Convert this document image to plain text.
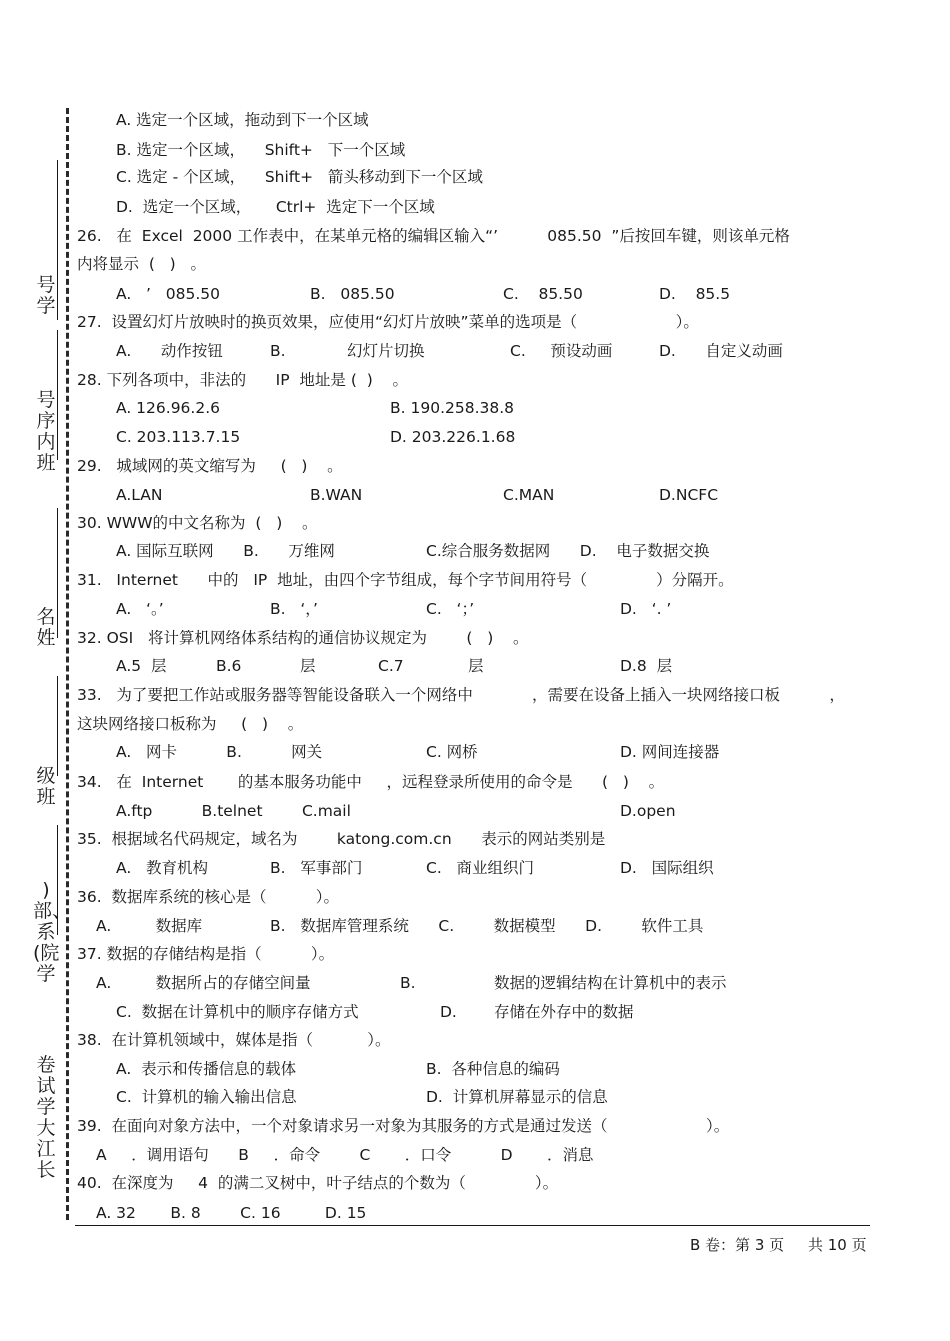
号学
号序内班
名姓
级班
)部、系(院学
卷试学大江长
A. 选定一个区域，拖动到下一个区域
B. 选定一个区域，    Shift+   下一个区域
C. 选定 - 个区域，    Shift+   箭头移动到下一个区域
D.  选定一个区域，     Ctrl+  选定下一个区域
26.   在  Excel  2000 工作表中，在某单元格的编辑区输入“’          085.50  ”后按回车键，则该单元格
内将显示  (   )   。
A.   ’   085.50	B.   085.50	C.    85.50	D.    85.5
27.  设置幻灯片放映时的换页效果，应使用“幻灯片放映”菜单的选项是（                    ）。
A.      动作按钮	B.	幻灯片切换	C.     预设动画	D.      自定义动画
28. 下列各项中，非法的      IP  地址是 (  )    。
A. 126.96.2.6	B. 190.258.38.8
C. 203.113.7.15	D. 203.226.1.68
29.   城域网的英文缩写为     (   )    。
A.LAN	B.WAN	C.MAN	D.NCFC
30. WWW的中文名称为  (   )    。
A. 国际互联网      B.      万维网	C.综合服务数据网      D.    电子数据交换
31.   Internet      中的   IP  地址，由四个字节组成，每个字节间用符号（              ）分隔开。
A.   ‘。’	B.   ‘，’	C.   ‘；’	D.   ‘. ’
32. OSI   将计算机网络体系结构的通信协议规定为        (   )    。
A.5  层	B.6	层	C.7	层	D.8  层
33.   为了要把工作站或服务器等智能设备联入一个网络中            ，需要在设备上插入一块网络接口板          ，
这块网络接口板称为     (   )    。
A.   网卡          B.          网关	C. 网桥	D. 网间连接器
34.   在  Internet       的基本服务功能中     ，远程登录所使用的命令是      (   )    。
A.ftp          B.telnet        C.mail	D.open
35.  根据域名代码规定，域名为        katong.com.cn      表示的网站类别是
A.   教育机构	B.   军事部门	C.   商业组织门	D.   国际组织
36.  数据库系统的核心是（          ）。
A.         数据库	B.   数据库管理系统      C.        数据模型      D.        软件工具
37. 数据的存储结构是指（          ）。
A.         数据所占的存储空间量	B.	数据的逻辑结构在计算机中的表示
C.  数据在计算机中的顺序存储方式	D. 存储在外存中的数据
38.  在计算机领域中，媒体是指（           ）。
A.  表示和传播信息的载体	B.  各种信息的编码
C.  计算机的输入输出信息	D.  计算机屏幕显示的信息
39.  在面向对象方法中，一个对象请求另一对象为其服务的方式是通过发送（                    ）。
A     ．调用语句      B     ．命令        C       ．口令          D       ．消息
40.  在深度为     4  的满二叉树中，叶子结点的个数为（              ）。
A. 32       B. 8        C. 16         D. 15
B 卷：第 3 页     共 10 页
